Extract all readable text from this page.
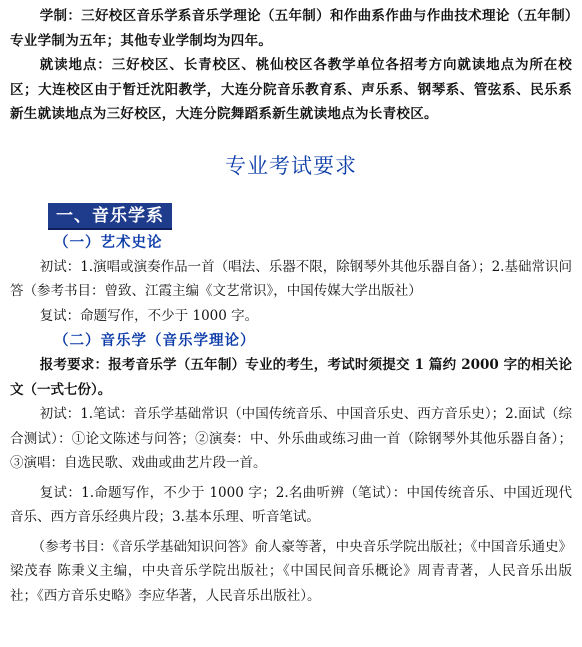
学制：三好校区音乐学系音乐学理论（五年制）和作曲系作曲与作曲技术理论（五年制）专业学制为五年；其他专业学制均为四年。

就读地点：三好校区、长青校区、桃仙校区各教学单位各招考方向就读地点为所在校区；大连校区由于暂迁沈阳教学，大连分院音乐教育系、声乐系、钢琴系、管弦系、民乐系新生就读地点为三好校区，大连分院舞蹈系新生就读地点为长青校区。

专业考试要求
一、音乐学系
（一）艺术史论

初试：1.演唱或演奏作品一首（唱法、乐器不限，除钢琴外其他乐器自备）；2.基础常识问答（参考书目：曾致、江霞主编《文艺常识》，中国传媒大学出版社）

复试：命题写作，不少于 1000 字。

（二）音乐学（音乐学理论）

报考要求：报考音乐学（五年制）专业的考生，考试时须提交 1 篇约 2000 字的相关论文（一式七份）。

初试：1.笔试：音乐学基础常识（中国传统音乐、中国音乐史、西方音乐史）；2.面试（综合测试）：①论文陈述与问答；②演奏：中、外乐曲或练习曲一首（除钢琴外其他乐器自备）；③演唱：自选民歌、戏曲或曲艺片段一首。

复试：1.命题写作，不少于 1000 字；2.名曲听辨（笔试）：中国传统音乐、中国近现代音乐、西方音乐经典片段；3.基本乐理、听音笔试。

（参考书目：《音乐学基础知识问答》俞人豪等著，中央音乐学院出版社；《中国音乐通史》梁茂春 陈秉义主编，中央音乐学院出版社；《中国民间音乐概论》周青青著，人民音乐出版社；《西方音乐史略》李应华著，人民音乐出版社）。
